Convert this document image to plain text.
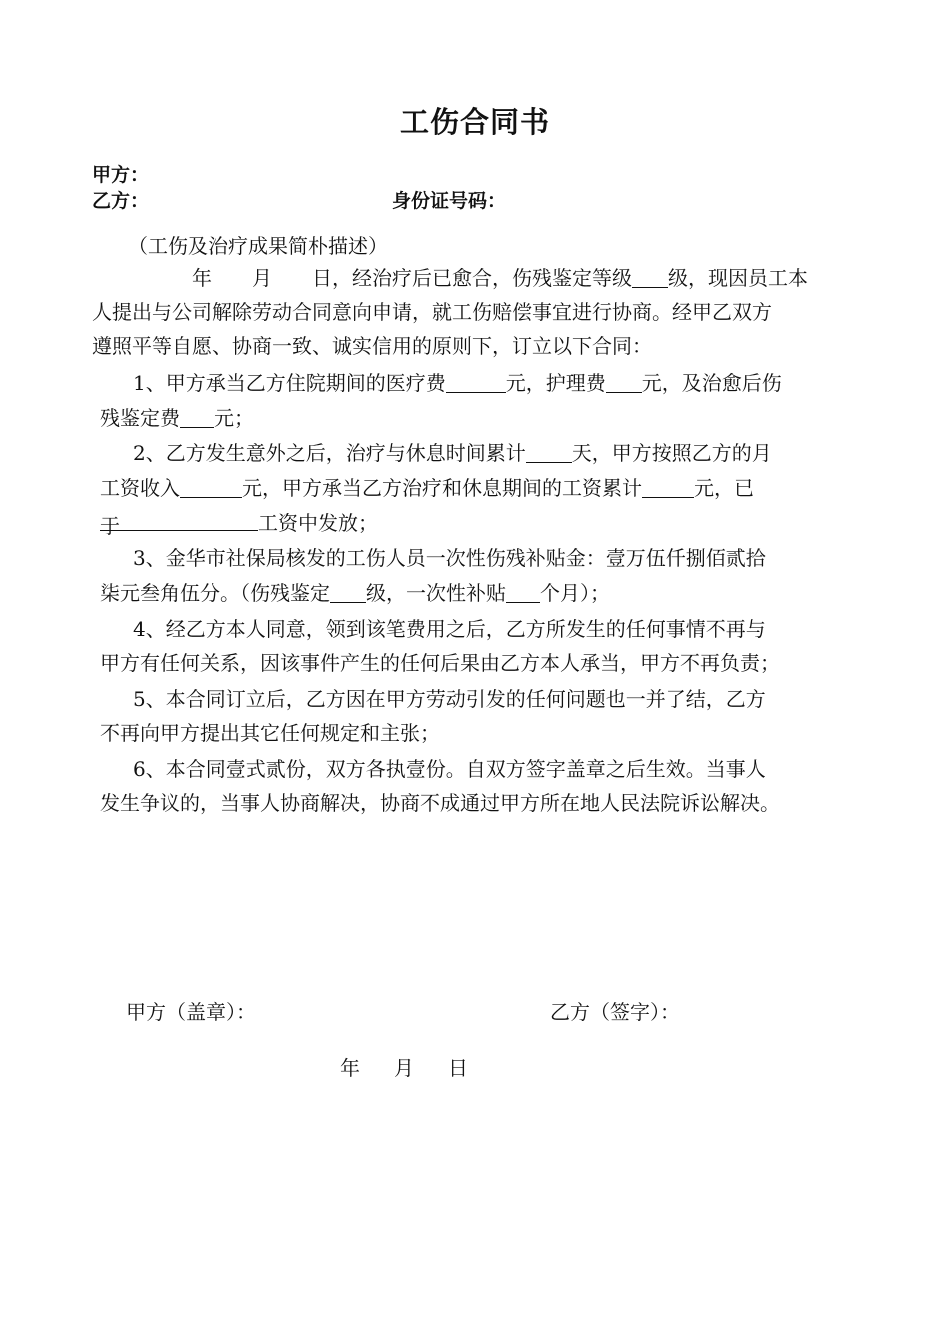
工伤合同书
甲方：
乙方：	身份证号码：
（工伤及治疗成果简朴描述）
年 月 日，经治疗后已愈合，伤残鉴定等级 级，现因员工本
人提出与公司解除劳动合同意向申请，就工伤赔偿事宜进行协商。经甲乙双方
遵照平等自愿、协商一致、诚实信用的原则下，订立以下合同：
1、甲方承当乙方住院期间的医疗费	元，护理费 元，及治愈后伤
残鉴定费 元；
2、乙方发生意外之后，治疗与休息时间累计 天，甲方按照乙方的月
工资收入	元，甲方承当乙方治疗和休息期间的工资累计	元，已
于	工资中发放；
3、金华市社保局核发的工伤人员一次性伤残补贴金：壹万伍仟捌佰贰拾
柒元叁角伍分。（伤残鉴定 级，一次性补贴 个月）；
4、经乙方本人同意，领到该笔费用之后，乙方所发生的任何事情不再与
甲方有任何关系，因该事件产生的任何后果由乙方本人承当，甲方不再负责；
5、本合同订立后，乙方因在甲方劳动引发的任何问题也一并了结，乙方
不再向甲方提出其它任何规定和主张；
6、本合同壹式贰份，双方各执壹份。自双方签字盖章之后生效。当事人
发生争议的，当事人协商解决，协商不成通过甲方所在地人民法院诉讼解决。
甲方（盖章）：	乙方（签字）：
年 月 日
